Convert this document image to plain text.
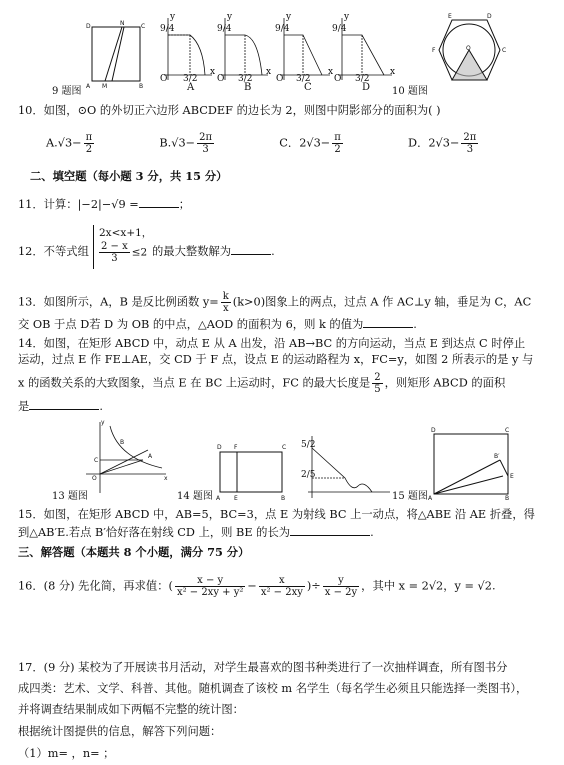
D	N	C
A M	B
E	D
F	C
O
9/4	9/4	9/4	9/4
3/2	3/2	3/2	3/2
O	O	O	O
x	x	x	x
y	y	y	y
9 题图	A	B	C	D 10 题图
10．如图，⊙O 的外切正六边形 ABCDEF 的边长为 2，则图中阴影部分的面积为( )
$A.√3- \frac{\pi}{2}$	$B.√3- \frac{2\pi}{3}$	C．$2√3- \frac{\pi}{2}$	D．$2√3- \frac{2\pi}{3}$
二、填空题（每小题 3 分，共 15 分）
11．计算：|−2|−√9 =	；
12．不等式组
2x<x+1，
$\frac{2 - x}{3} \le 2$ 的最大整数解为	.
13．如图所示，A，B 是反比例函数 $y= \frac{k}{x} (k>0)$图象上的两点，过点 A 作 AC⊥y 轴，垂足为 C，AC
交 OB 于点 D若 D 为 OB 的中点，△AOD 的面积为 6，则 k 的值为	.
14．如图，在矩形 ABCD 中，动点 E 从 A 出发，沿 AB→BC 的方向运动，当点 E 到达点 C 时停止
运动，过点 E 作 FE⊥AE，交 CD 于 F 点，设点 E 的运动路程为 x，FC=y，如图 2 所表示的是 y 与
x 的函数关系的大致图象，当点 E 在 BC 上运动时，FC 的最大长度是 $\frac{2}{5}$ ，则矩形 ABCD 的面积
是	.
D	C
A	B
B′
E
D F	C
A E	B
y
x
O
B
A
C
5/2
2/5
13 题图	14 题图	15 题图
15．如图，在矩形 ABCD 中，AB=5，BC=3，点 E 为射线 BC 上一动点，将△ABE 沿 AE 折叠，得
到△AB′E.若点 B′恰好落在射线 CD 上，则 BE 的长为	.
三、解答题（本题共 8 个小题，满分 75 分）
16．(8 分) 先化简，再求值：( $\frac{x - y}{\text{x² − 2xy + y²}} - \frac{x}{\text{x² − 2xy}}$ )÷ $\frac{y}{x - 2y}$ ，其中 x = 2√2，y = √2.
17．(9 分) 某校为了开展读书月活动，对学生最喜欢的图书种类进行了一次抽样调查，所有图书分
成四类：艺术、文学、科普、其他。随机调查了该校 m 名学生（每名学生必须且只能选择一类图书），
并将调查结果制成如下两幅不完整的统计图：
根据统计图提供的信息，解答下列问题：
（1）m= ，n= ；
